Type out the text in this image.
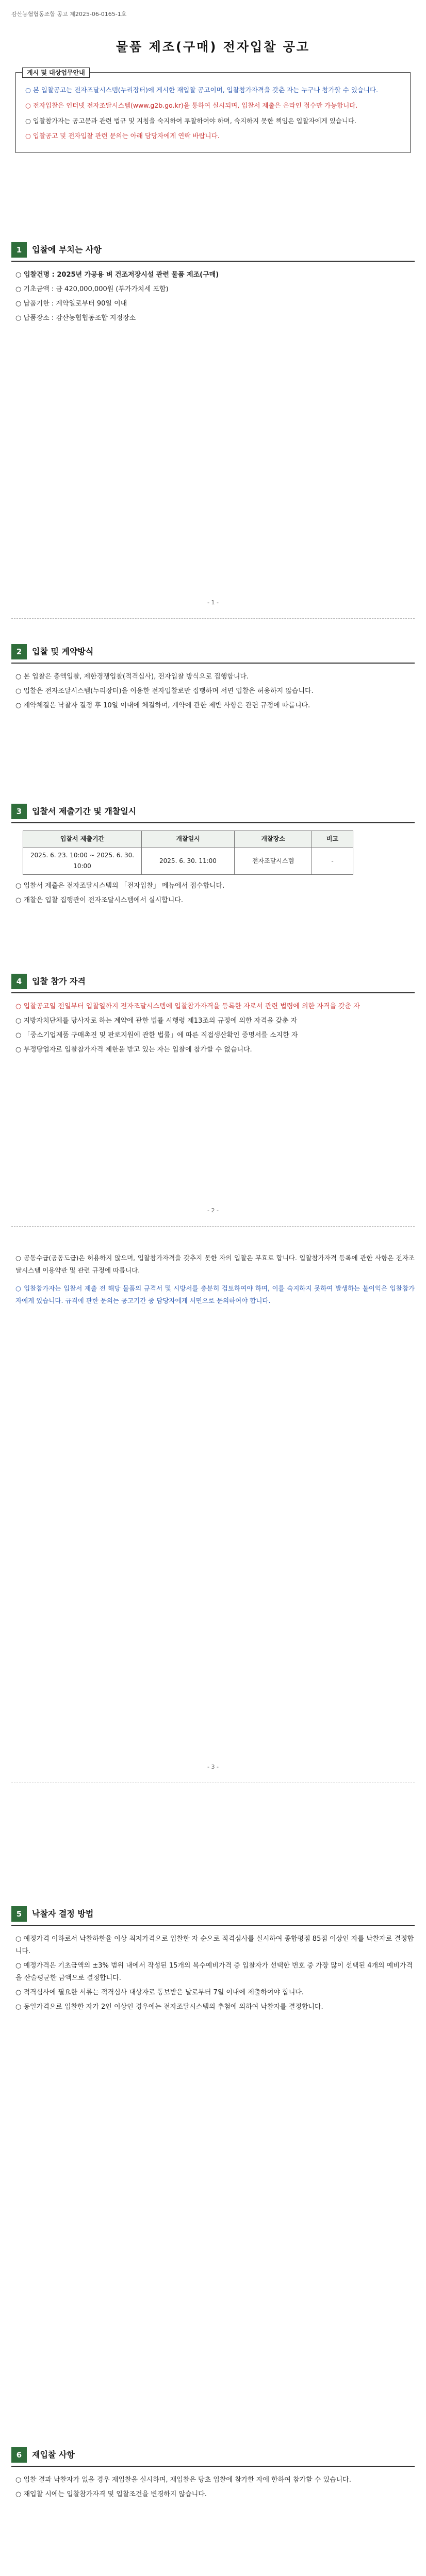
감산농협협동조합 공고 제2025-06-0165-1호
물품 제조(구매) 전자입찰 공고
게시 및 대상업무안내

○ 본 입찰공고는 전자조달시스템(누리장터)에 게시한 재입찰 공고이며, 입찰참가자격을 갖춘 자는 누구나 참가할 수 있습니다.

○ 전자입찰은 인터넷 전자조달시스템(www.g2b.go.kr)을 통하여 실시되며, 입찰서 제출은 온라인 접수만 가능합니다.

○ 입찰참가자는 공고문과 관련 법규 및 지침을 숙지하여 투찰하여야 하며, 숙지하지 못한 책임은 입찰자에게 있습니다.

○ 입찰공고 및 전자입찰 관련 문의는 아래 담당자에게 연락 바랍니다.

1	입찰에 부치는 사항
○ 입찰건명 : 2025년 가공용 벼 건조저장시설 관련 물품 제조(구매)
○ 기초금액 : 금 420,000,000원 (부가가치세 포함)
○ 납품기한 : 계약일로부터 90일 이내
○ 납품장소 : 감산농협협동조합 지정장소
- 1 -
2	입찰 및 계약방식
○ 본 입찰은 총액입찰, 제한경쟁입찰(적격심사), 전자입찰 방식으로 집행합니다.
○ 입찰은 전자조달시스템(누리장터)을 이용한 전자입찰로만 집행하며 서면 입찰은 허용하지 않습니다.
○ 계약체결은 낙찰자 결정 후 10일 이내에 체결하며, 계약에 관한 제반 사항은 관련 규정에 따릅니다.
3	입찰서 제출기간 및 개찰일시
입찰서 제출기간	개찰일시	개찰장소	비고
2025. 6. 23. 10:00 ~ 2025. 6. 30. 10:00	2025. 6. 30. 11:00	전자조달시스템	-
○ 입찰서 제출은 전자조달시스템의 「전자입찰」 메뉴에서 접수합니다.
○ 개찰은 입찰 집행관이 전자조달시스템에서 실시합니다.
4	입찰 참가 자격
○ 입찰공고일 전일부터 입찰일까지 전자조달시스템에 입찰참가자격을 등록한 자로서 관련 법령에 의한 자격을 갖춘 자
○ 지방자치단체를 당사자로 하는 계약에 관한 법률 시행령 제13조의 규정에 의한 자격을 갖춘 자
○ 「중소기업제품 구매촉진 및 판로지원에 관한 법률」에 따른 직접생산확인 증명서를 소지한 자
○ 부정당업자로 입찰참가자격 제한을 받고 있는 자는 입찰에 참가할 수 없습니다.
- 2 -
○ 공동수급(공동도급)은 허용하지 않으며, 입찰참가자격을 갖추지 못한 자의 입찰은 무효로 합니다. 입찰참가자격 등록에 관한 사항은 전자조달시스템 이용약관 및 관련 규정에 따릅니다.
○ 입찰참가자는 입찰서 제출 전 해당 물품의 규격서 및 시방서를 충분히 검토하여야 하며, 이를 숙지하지 못하여 발생하는 불이익은 입찰참가자에게 있습니다. 규격에 관한 문의는 공고기간 중 담당자에게 서면으로 문의하여야 합니다.
- 3 -
5	낙찰자 결정 방법
○ 예정가격 이하로서 낙찰하한율 이상 최저가격으로 입찰한 자 순으로 적격심사를 실시하여 종합평점 85점 이상인 자를 낙찰자로 결정합니다.
○ 예정가격은 기초금액의 ±3% 범위 내에서 작성된 15개의 복수예비가격 중 입찰자가 선택한 번호 중 가장 많이 선택된 4개의 예비가격을 산술평균한 금액으로 결정합니다.
○ 적격심사에 필요한 서류는 적격심사 대상자로 통보받은 날로부터 7일 이내에 제출하여야 합니다.
○ 동일가격으로 입찰한 자가 2인 이상인 경우에는 전자조달시스템의 추첨에 의하여 낙찰자를 결정합니다.
6	재입찰 사항
○ 입찰 결과 낙찰자가 없을 경우 재입찰을 실시하며, 재입찰은 당초 입찰에 참가한 자에 한하여 참가할 수 있습니다.
○ 재입찰 시에는 입찰참가자격 및 입찰조건을 변경하지 않습니다.
